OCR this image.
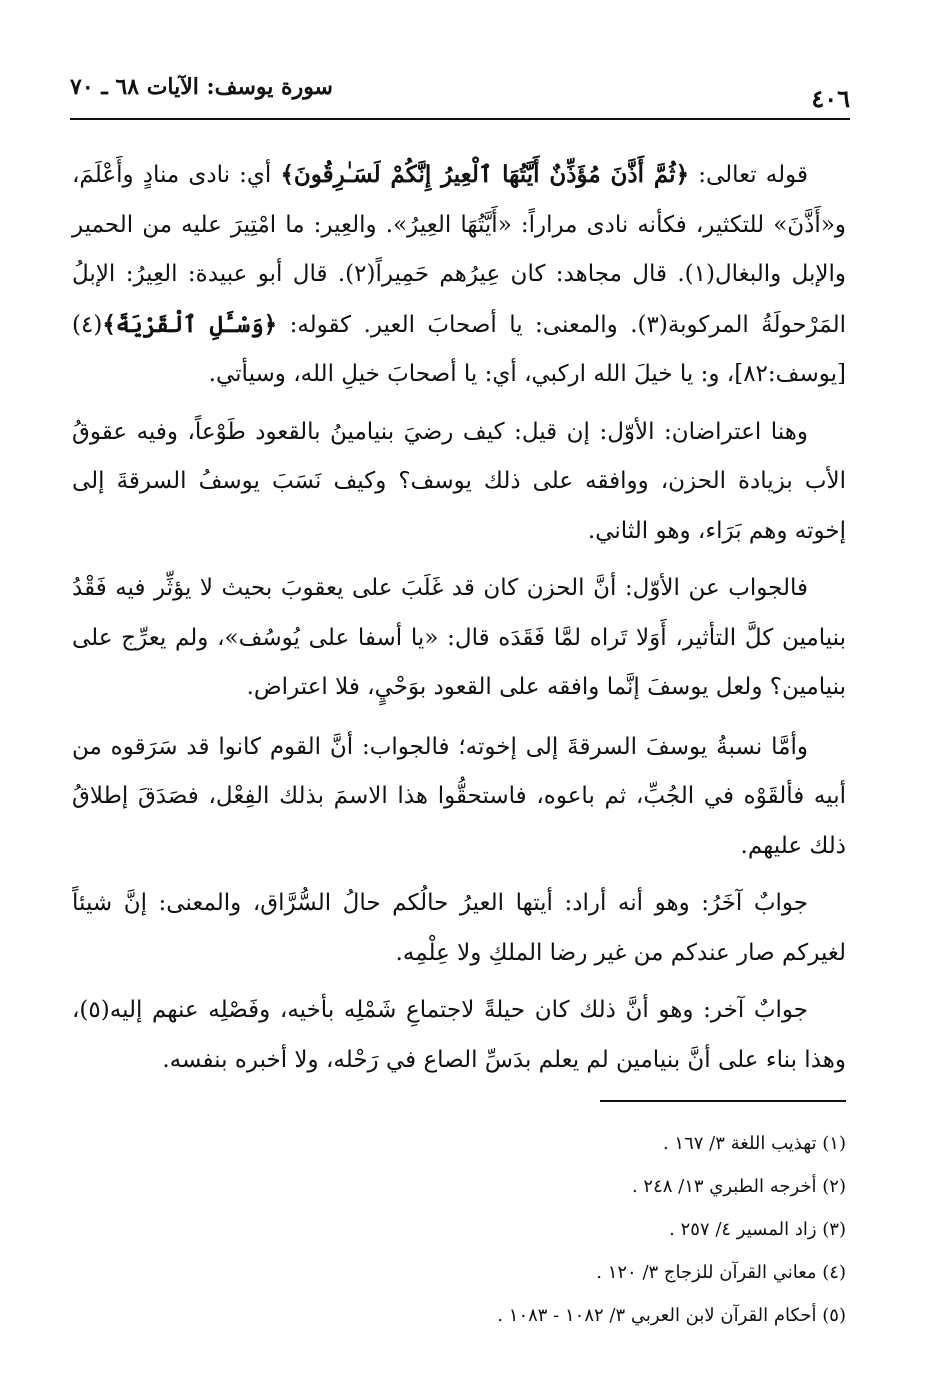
٤٠٦
سورة يوسف: الآيات ٦٨ ـ ٧٠

قوله تعالى: ﴿ثُمَّ أَذَّنَ مُؤَذِّنٌ أَيَّتُهَا ٱلْعِيرُ إِنَّكُمْ لَسَـٰرِقُونَ﴾ أي: نادى منادٍ وأَعْلَمَ، و«أَذَّنَ» للتكثير، فكأنه نادى مراراً: «أَيَّتُهَا العِيرُ». والعِير: ما امْتِيرَ عليه من الحمير والإبل والبغال(١). قال مجاهد: كان عِيرُهم حَمِيراً(٢). قال أبو عبيدة: العِيرُ: الإبلُ المَرْحولَةُ المركوبة(٣). والمعنى: يا أصحابَ العير. كقوله: ﴿وَسْـَٔلِ ٱلْقَرْيَةَ﴾(٤) [يوسف:٨٢]، و: يا خيلَ الله اركبي، أي: يا أصحابَ خيلِ الله، وسيأتي.

وهنا اعتراضان: الأوّل: إن قيل: كيف رضيَ بنيامينُ بالقعود طَوْعاً، وفيه عقوقُ الأب بزيادة الحزن، ووافقه على ذلك يوسف؟ وكيف نَسَبَ يوسفُ السرقةَ إلى إخوته وهم بَرَاء، وهو الثاني.

فالجواب عن الأوّل: أنَّ الحزن كان قد غَلَبَ على يعقوبَ بحيث لا يؤثِّر فيه فَقْدُ بنيامين كلَّ التأثير، أَوَلا تَراه لمَّا فَقَدَه قال: «يا أسفا على يُوسُف»، ولم يعرِّج على بنيامين؟ ولعل يوسفَ إنَّما وافقه على القعود بوَحْيٍ، فلا اعتراض.

وأمَّا نسبةُ يوسفَ السرقةَ إلى إخوته؛ فالجواب: أنَّ القوم كانوا قد سَرَقوه من أبيه فألقَوْه في الجُبِّ، ثم باعوه، فاستحقُّوا هذا الاسمَ بذلك الفِعْل، فصَدَقَ إطلاقُ ذلك عليهم.

جوابٌ آخَرُ: وهو أنه أراد: أيتها العيرُ حالُكم حالُ السُّرَّاق، والمعنى: إنَّ شيئاً لغيركم صار عندكم من غير رضا الملكِ ولا عِلْمِه.

جوابٌ آخر: وهو أنَّ ذلك كان حيلةً لاجتماعِ شَمْلِه بأخيه، وفَصْلِه عنهم إليه(٥)، وهذا بناء على أنَّ بنيامين لم يعلم بدَسِّ الصاع في رَحْله، ولا أخبره بنفسه.

(١) تهذيب اللغة ٣/ ١٦٧ .
(٢) أخرجه الطبري ١٣/ ٢٤٨ .
(٣) زاد المسير ٤/ ٢٥٧ .
(٤) معاني القرآن للزجاج ٣/ ١٢٠ .
(٥) أحكام القرآن لابن العربي ٣/ ١٠٨٢ - ١٠٨٣ .
